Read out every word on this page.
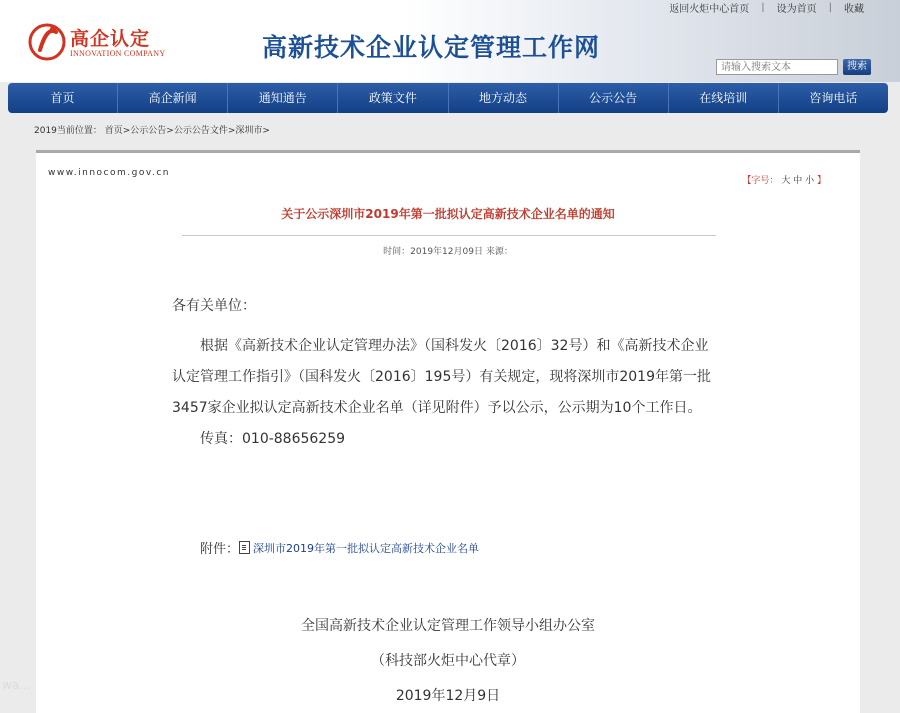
高企认定
INNOVATION COMPANY	高新技术企业认定管理工作网
返回火炬中心首页 | 设为首页 | 收藏
请输入搜索文本	搜索
首页	高企新闻	通知通告	政策文件	地方动态	公示公告	在线培训	咨询电话
2019当前位置： 首页>公示公告>公示公告文件>深圳市>
www.innocom.gov.cn
【字号： 大 中 小 】
关于公示深圳市2019年第一批拟认定高新技术企业名单的通知
时间：2019年12月09日 来源：

各有关单位：

根据《高新技术企业认定管理办法》（国科发火〔2016〕32号）和《高新技术企业认定管理工作指引》（国科发火〔2016〕195号）有关规定，现将深圳市2019年第一批3457家企业拟认定高新技术企业名单（详见附件）予以公示，公示期为10个工作日。

传真：010-88656259

附件： 深圳市2019年第一批拟认定高新技术企业名单
全国高新技术企业认定管理工作领导小组办公室
（科技部火炬中心代章）
2019年12月9日
wa...
